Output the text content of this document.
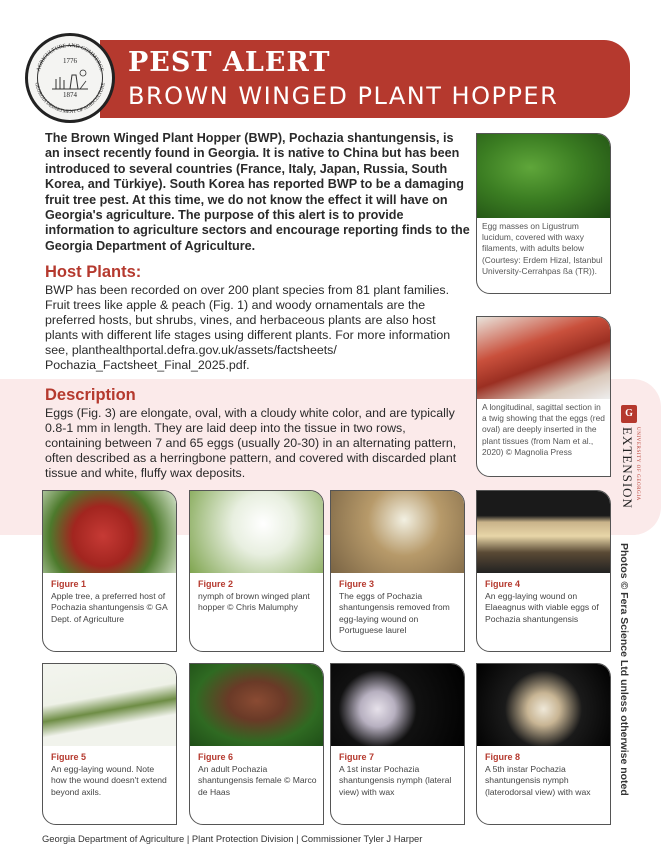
PEST ALERT
BROWN WINGED PLANT HOPPER
AGRICULTURE AND COMMERCE
GEORGIA DEPARTMENT OF AGRICULTURE
1776
1874
The Brown Winged Plant Hopper (BWP), Pochazia shantungensis, is an insect recently found in Georgia. It is native to China but has been introduced to several countries (France, Italy, Japan, Russia, South Korea, and Türkiye). South Korea has reported BWP to be a damaging fruit tree pest. At this time, we do not know the effect it will have on Georgia's agriculture. The purpose of this alert is to provide information to agriculture sectors and encourage reporting finds to the Georgia Department of Agriculture.
Host Plants:
BWP has been recorded on over 200 plant species from 81 plant families. Fruit trees like apple & peach (Fig. 1) and woody ornamentals are the preferred hosts, but shrubs, vines, and herbaceous plants are also host plants with different life stages using different plants. For more information see, planthealthportal.defra.gov.uk/assets/factsheets/ Pochazia_Factsheet_Final_2025.pdf.
Description
Eggs (Fig. 3) are elongate, oval, with a cloudy white color, and are typically 0.8-1 mm in length. They are laid deep into the tissue in two rows, containing between 7 and 65 eggs (usually 20-30) in an alternating pattern, often described as a herringbone pattern, and covered with discarded plant tissue and white, fluffy wax deposits.
Egg masses on Ligustrum lucidum, covered with waxy filaments, with adults below (Courtesy: Erdem Hizal, Istanbul University-Cerrahpas ßa (TR)).
A longitudinal, sagittal section in a twig showing that the eggs (red oval) are deeply inserted in the plant tissues (from Nam et al., 2020) © Magnolia Press
Figure 1
Apple tree, a preferred host of Pochazia shantungensis © GA Dept. of Agriculture
Figure 2
nymph of brown winged plant hopper © Chris Malumphy
Figure 3
The eggs of Pochazia shantungensis removed from egg-laying wound on Portuguese laurel
Figure 4
An egg-laying wound on Elaeagnus with viable eggs of Pochazia shantungensis
Figure 5
An egg-laying wound. Note how the wound doesn't extend beyond axils.
Figure 6
An adult Pochazia shantungensis female © Marco de Haas
Figure 7
A 1st instar Pochazia shantungensis nymph (lateral view) with wax
Figure 8
A 5th instar Pochazia shantungensis nymph (laterodorsal view) with wax
G
EXTENSION UNIVERSITY OF GEORGIA
Photos © Fera Science Ltd unless otherwise noted
Georgia Department of Agriculture | Plant Protection Division | Commissioner Tyler J Harper
